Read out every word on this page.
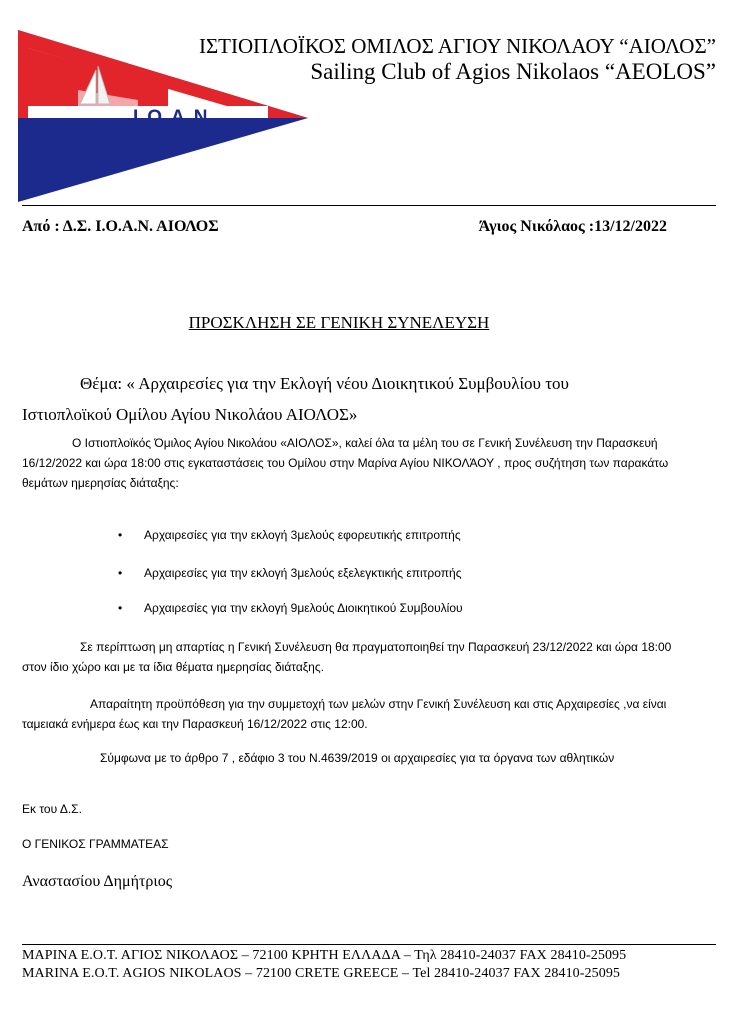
IOAN
ΙΣΤΙΟΠΛΟΪΚΟΣ ΟΜΙΛΟΣ ΑΓΙΟΥ ΝΙΚΟΛΑΟΥ “ΑΙΟΛΟΣ”
Sailing Club of Agios Nikolaos “AEOLOS”
Από : Δ.Σ. Ι.Ο.Α.Ν. ΑΙΟΛΟΣ	Άγιος Νικόλαος :13/12/2022
ΠΡΟΣΚΛΗΣΗ ΣΕ ΓΕΝΙΚΗ ΣΥΝΕΛΕΥΣΗ
Θέμα: « Αρχαιρεσίες για την Εκλογή νέου Διοικητικού Συμβουλίου του
Ιστιοπλοϊκού Ομίλου Αγίου Νικολάου ΑΙΟΛΟΣ»
Ο Ιστιοπλοϊκός Όμιλος Αγίου Νικολάου «ΑΙΟΛΟΣ», καλεί όλα τα μέλη του σε Γενική Συνέλευση την Παρασκευή 16/12/2022 και ώρα 18:00 στις εγκαταστάσεις του Ομίλου στην Μαρίνα Αγίου ΝΙΚΟΛΆΟΥ , προς συζήτηση των παρακάτω θεμάτων ημερησίας διάταξης:
• Αρχαιρεσίες για την εκλογή 3μελούς εφορευτικής επιτροπής
• Αρχαιρεσίες για την εκλογή 3μελούς εξελεγκτικής επιτροπής
• Αρχαιρεσίες για την εκλογή 9μελούς Διοικητικού Συμβουλίου
Σε περίπτωση μη απαρτίας η Γενική Συνέλευση θα πραγματοποιηθεί την Παρασκευή 23/12/2022 και ώρα 18:00 στον ίδιο χώρο και με τα ίδια θέματα ημερησίας διάταξης.
Απαραίτητη προϋπόθεση για την συμμετοχή των μελών στην Γενική Συνέλευση και στις Αρχαιρεσίες ,να είναι ταμειακά ενήμερα έως και την Παρασκευή 16/12/2022 στις 12:00.
Σύμφωνα με το άρθρο 7 , εδάφιο 3 του Ν.4639/2019 οι αρχαιρεσίες για τα όργανα των αθλητικών
Εκ του Δ.Σ.
Ο ΓΕΝΙΚΟΣ ΓΡΑΜΜΑΤΕΑΣ
Αναστασίου Δημήτριος
ΜΑΡΙΝΑ Ε.Ο.Τ. ΑΓΙΟΣ ΝΙΚΟΛΑΟΣ – 72100 ΚΡΗΤΗ ΕΛΛΑΔΑ – Τηλ 28410-24037 FAX 28410-25095
MARINA E.O.T. AGIOS NIKOLAOS – 72100 CRETE GREECE – Tel 28410-24037 FAX 28410-25095
